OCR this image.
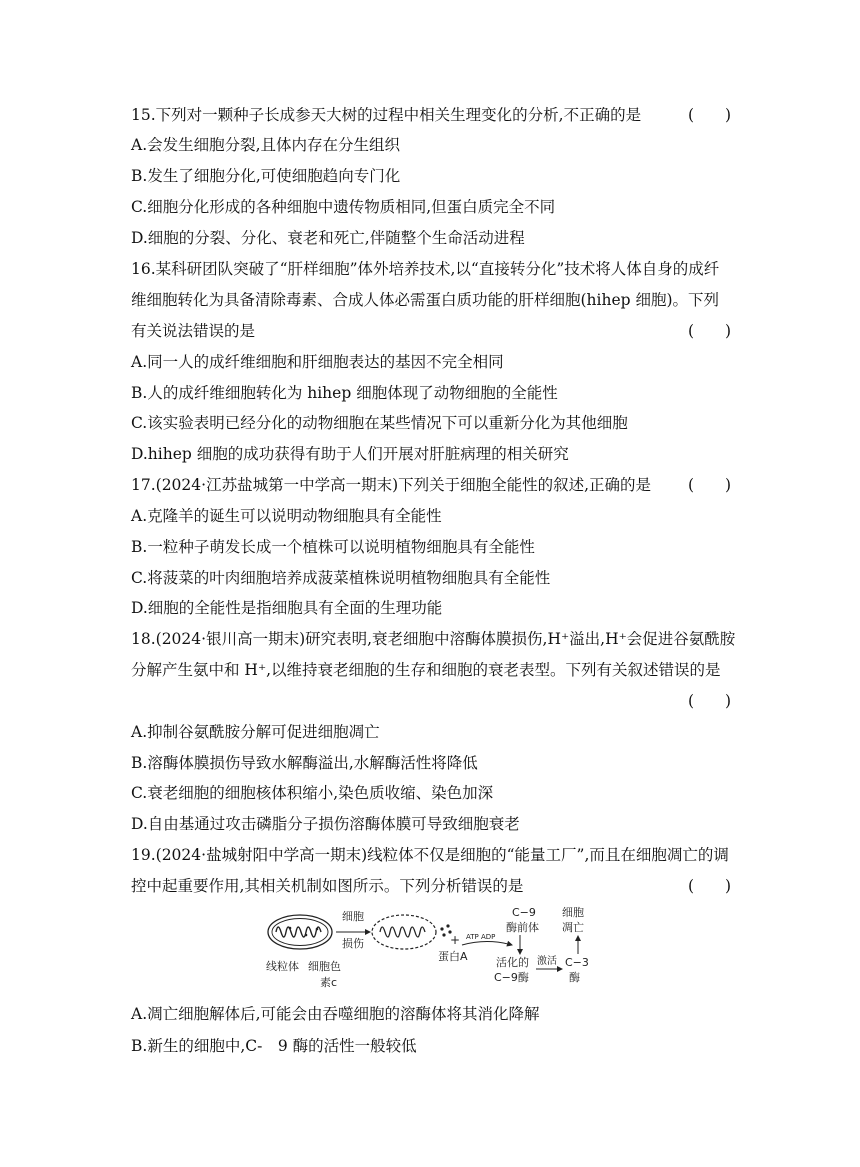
15.下列对一颗种子长成参天大树的过程中相关生理变化的分析,不正确的是	(　　)
A.会发生细胞分裂,且体内存在分生组织
B.发生了细胞分化,可使细胞趋向专门化
C.细胞分化形成的各种细胞中遗传物质相同,但蛋白质完全不同
D.细胞的分裂、分化、衰老和死亡,伴随整个生命活动进程
16.某科研团队突破了“肝样细胞”体外培养技术,以“直接转分化”技术将人体自身的成纤
维细胞转化为具备清除毒素、合成人体必需蛋白质功能的肝样细胞(hihep 细胞)。下列
有关说法错误的是	(　　)
A.同一人的成纤维细胞和肝细胞表达的基因不完全相同
B.人的成纤维细胞转化为 hihep 细胞体现了动物细胞的全能性
C.该实验表明已经分化的动物细胞在某些情况下可以重新分化为其他细胞
D.hihep 细胞的成功获得有助于人们开展对肝脏病理的相关研究
17.(2024·江苏盐城第一中学高一期末)下列关于细胞全能性的叙述,正确的是 (　　)
A.克隆羊的诞生可以说明动物细胞具有全能性
B.一粒种子萌发长成一个植株可以说明植物细胞具有全能性
C.将菠菜的叶肉细胞培养成菠菜植株说明植物细胞具有全能性
D.细胞的全能性是指细胞具有全面的生理功能
18.(2024·银川高一期末)研究表明,衰老细胞中溶酶体膜损伤,H⁺溢出,H⁺会促进谷氨酰胺
分解产生氨中和 H⁺,以维持衰老细胞的生存和细胞的衰老表型。下列有关叙述错误的是
(　　)
A.抑制谷氨酰胺分解可促进细胞凋亡
B.溶酶体膜损伤导致水解酶溢出,水解酶活性将降低
C.衰老细胞的细胞核体积缩小,染色质收缩、染色加深
D.自由基通过攻击磷脂分子损伤溶酶体膜可导致细胞衰老
19.(2024·盐城射阳中学高一期末)线粒体不仅是细胞的“能量工厂”,而且在细胞凋亡的调
控中起重要作用,其相关机制如图所示。下列分析错误的是	(　　)
细胞
损伤	+ ATP ADP
C−9
酶前体
蛋白A	活化的
C−9酶
激活 C−3
酶
细胞
凋亡
线粒体 细胞色
素c
A.凋亡细胞解体后,可能会由吞噬细胞的溶酶体将其消化降解
B.新生的细胞中,C‑　9 酶的活性一般较低
